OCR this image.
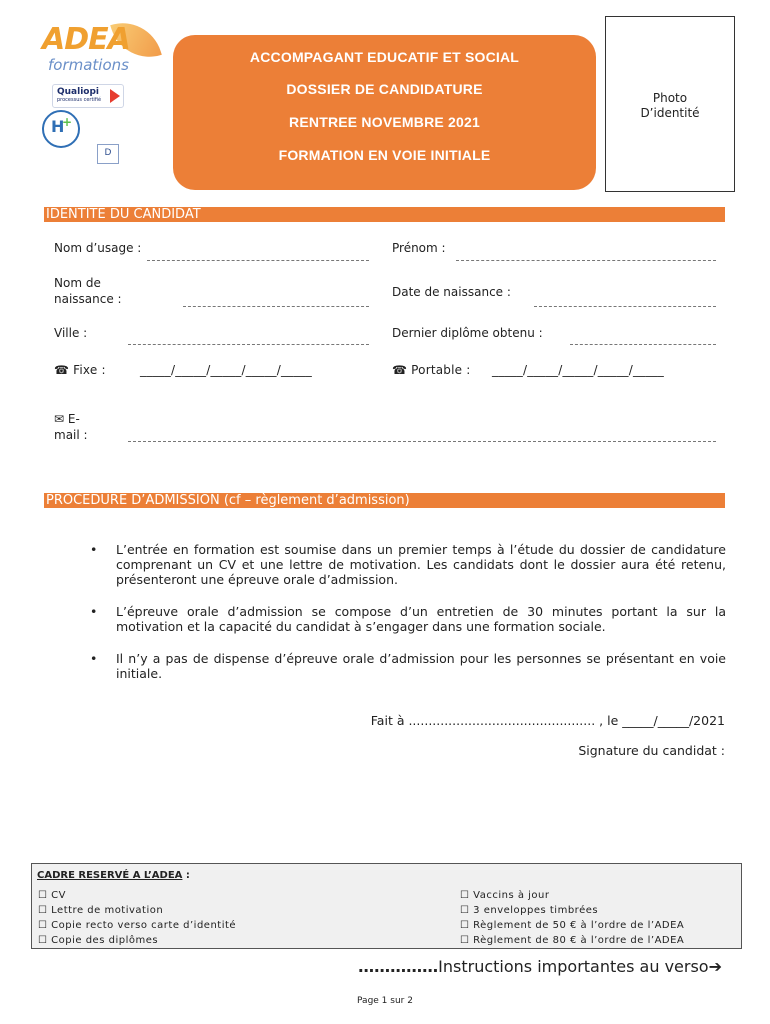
ADEA
formations
Qualiopi
processus certifié
H
+
D
ACCOMPAGANT EDUCATIF ET SOCIAL
DOSSIER DE CANDIDATURE
RENTREE NOVEMBRE 2021
FORMATION EN VOIE INITIALE
Photo
D’identité
IDENTITE DU CANDIDAT
Nom d’usage :	Prénom :
Nom de
naissance :	Date de naissance :
Ville :	Dernier diplôme obtenu :
☎ Fixe :	_____/_____/_____/_____/_____	☎ Portable : _____/_____/_____/_____/_____
✉ E-
mail :
PROCEDURE D’ADMISSION (cf – règlement d’admission)
• L’entrée en formation est soumise dans un premier temps à l’étude du dossier de candidature comprenant un CV et une lettre de motivation. Les candidats dont le dossier aura été retenu, présenteront une épreuve orale d’admission.
• L’épreuve orale d’admission se compose d’un entretien de 30 minutes portant la sur la motivation et la capacité du candidat à s’engager dans une formation sociale.
• Il n’y a pas de dispense d’épreuve orale d’admission pour les personnes se présentant en voie initiale.
Fait à ............................................... , le _____/_____/2021
Signature du candidat :
CADRE RESERVÉ A L’ADEA :
☐ CV
☐ Lettre de motivation
☐ Copie recto verso carte d’identité
☐ Copie des diplômes
☐ Vaccins à jour
☐ 3 enveloppes timbrées
☐ Règlement de 50 € à l’ordre de l’ADEA
☐ Règlement de 80 € à l’ordre de l’ADEA
……………Instructions importantes au verso➔
Page 1 sur 2
